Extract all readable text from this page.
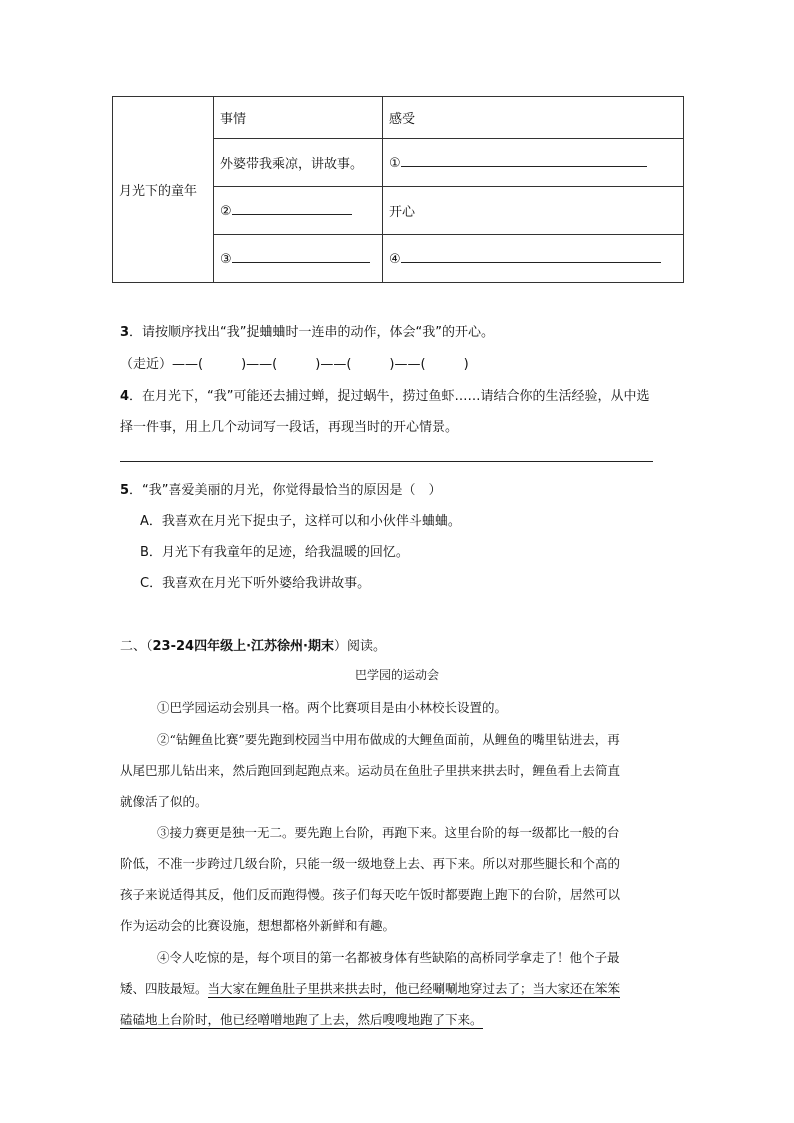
月光下的童年	事情	感受
	外婆带我乘凉，讲故事。	①
	②	开心
	③	④
3．请按顺序找出“我”捉蛐蛐时一连串的动作，体会“我”的开心。
（走近）——(	)——(	)——(	)——(	)
4．在月光下，“我”可能还去捕过蝉，捉过蜗牛，捞过鱼虾……请结合你的生活经验，从中选
择一件事，用上几个动词写一段话，再现当时的开心情景。
5．“我”喜爱美丽的月光，你觉得最恰当的原因是（　）
A．我喜欢在月光下捉虫子，这样可以和小伙伴斗蛐蛐。
B．月光下有我童年的足迹，给我温暖的回忆。
C．我喜欢在月光下听外婆给我讲故事。
二、（23-24四年级上·江苏徐州·期末）阅读。
巴学园的运动会
①巴学园运动会别具一格。两个比赛项目是由小林校长设置的。
②“钻鲤鱼比赛”要先跑到校园当中用布做成的大鲤鱼面前，从鲤鱼的嘴里钻进去，再
从尾巴那儿钻出来，然后跑回到起跑点来。运动员在鱼肚子里拱来拱去时，鲤鱼看上去简直
就像活了似的。
③接力赛更是独一无二。要先跑上台阶，再跑下来。这里台阶的每一级都比一般的台
阶低，不准一步跨过几级台阶，只能一级一级地登上去、再下来。所以对那些腿长和个高的
孩子来说适得其反，他们反而跑得慢。孩子们每天吃午饭时都要跑上跑下的台阶，居然可以
作为运动会的比赛设施，想想都格外新鲜和有趣。
④令人吃惊的是，每个项目的第一名都被身体有些缺陷的高桥同学拿走了！他个子最
矮、四肢最短。当大家在鲤鱼肚子里拱来拱去时，他已经唰唰地穿过去了；当大家还在笨笨
磕磕地上台阶时，他已经噌噌地跑了上去，然后嗖嗖地跑了下来。
